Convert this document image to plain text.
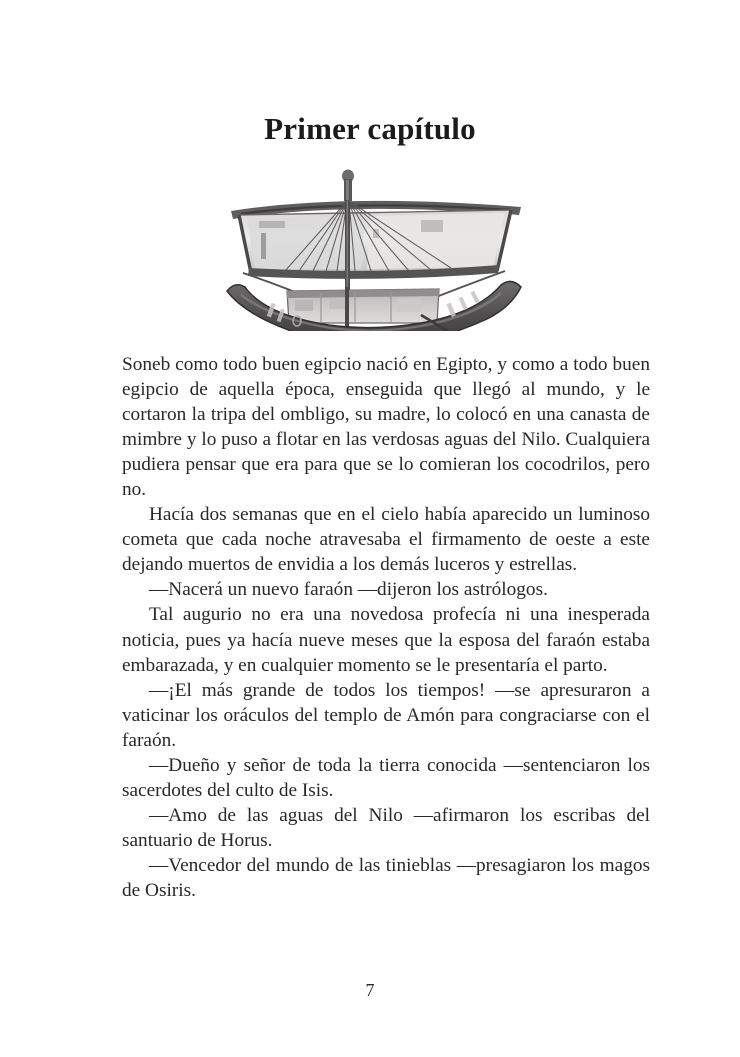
Primer capítulo

Soneb como todo buen egipcio nació en Egipto, y como a todo buen egipcio de aquella época, enseguida que llegó al mundo, y le cortaron la tripa del ombligo, su madre, lo colocó en una canasta de mimbre y lo puso a flotar en las verdosas aguas del Nilo. Cualquiera pudiera pensar que era para que se lo comieran los cocodrilos, pero no.

Hacía dos semanas que en el cielo había aparecido un luminoso cometa que cada noche atravesaba el firmamento de oeste a este dejando muertos de envidia a los demás luceros y estrellas.

—Nacerá un nuevo faraón —dijeron los astrólogos.

Tal augurio no era una novedosa profecía ni una inesperada noticia, pues ya hacía nueve meses que la esposa del faraón estaba embarazada, y en cualquier momento se le presentaría el parto.

—¡El más grande de todos los tiempos! —se apresuraron a vaticinar los oráculos del templo de Amón para congraciarse con el faraón.

—Dueño y señor de toda la tierra conocida —sentenciaron los sacerdotes del culto de Isis.

—Amo de las aguas del Nilo —afirmaron los escribas del santuario de Horus.

—Vencedor del mundo de las tinieblas —presagiaron los magos de Osiris.

7
